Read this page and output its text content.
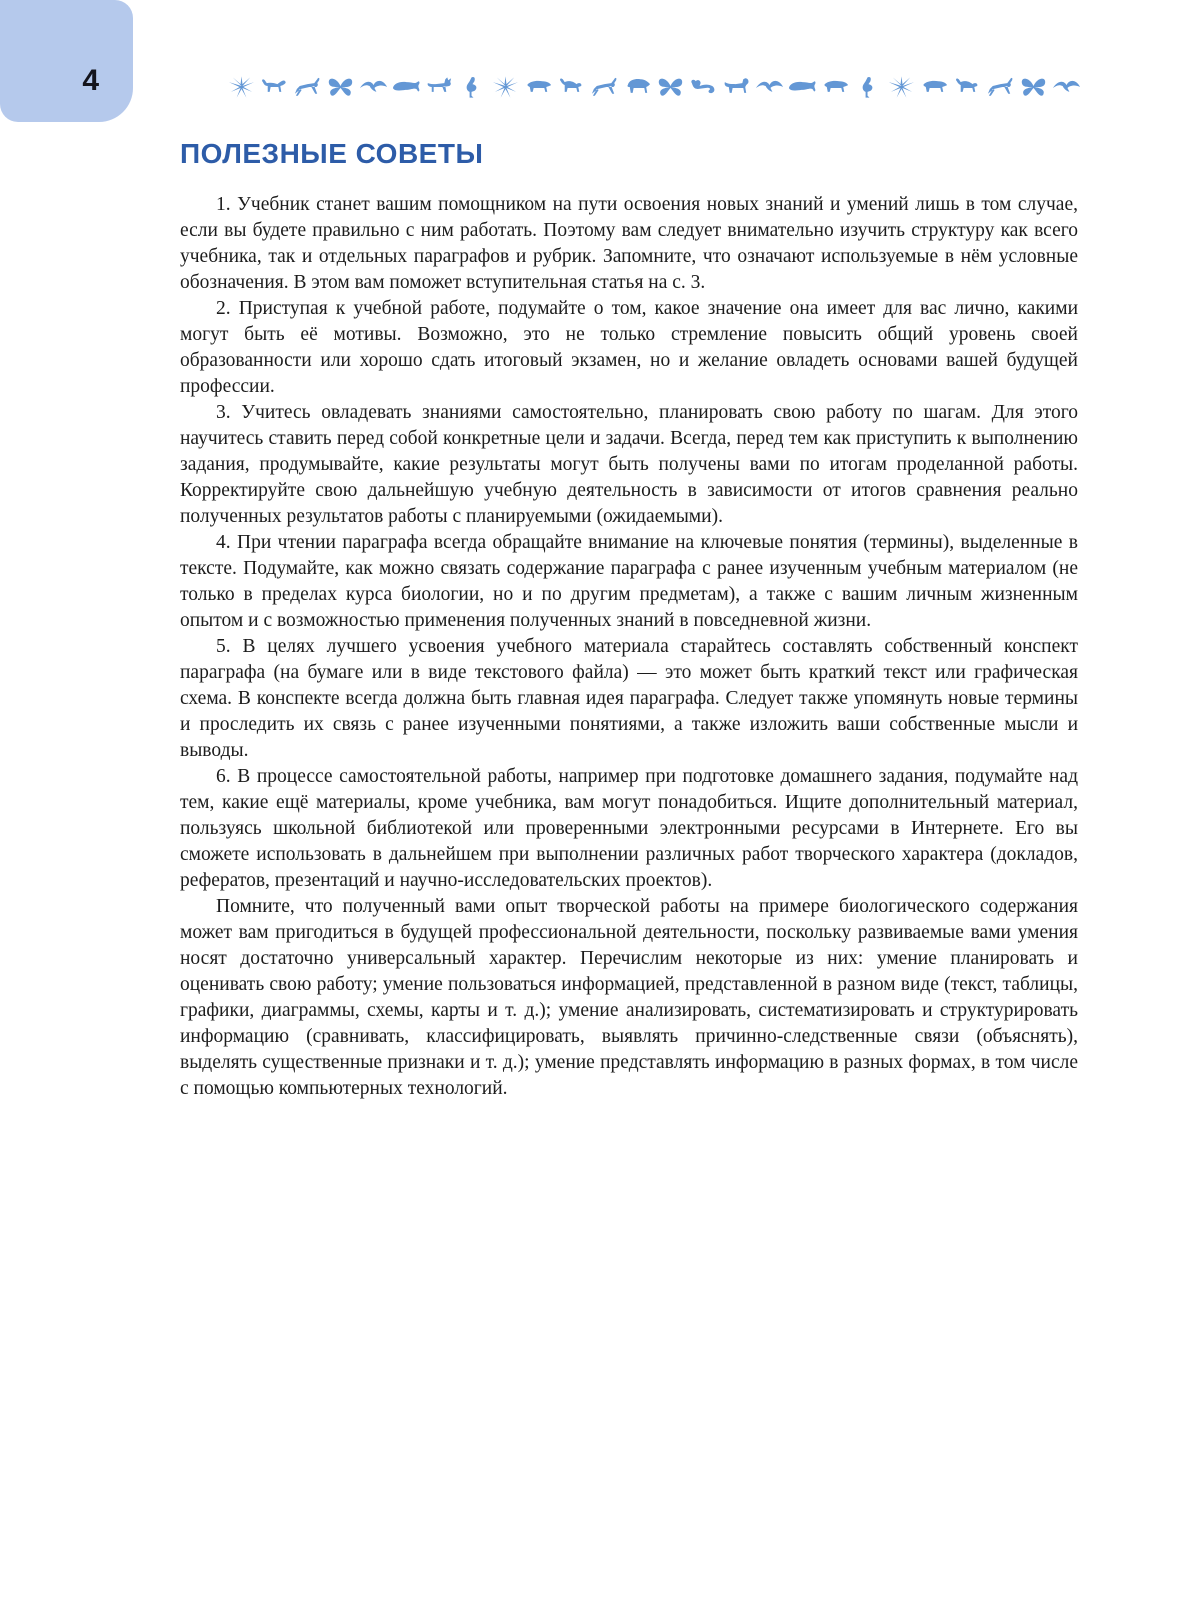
4
ПОЛЕЗНЫЕ СОВЕТЫ

1. Учебник станет вашим помощником на пути освоения новых знаний и умений лишь в том случае, если вы будете правильно с ним работать. Поэтому вам следует внимательно изучить структуру как всего учебника, так и отдельных параграфов и рубрик. Запомните, что означают используемые в нём условные обозначения. В этом вам поможет вступительная статья на с. 3.

2. Приступая к учебной работе, подумайте о том, какое значение она имеет для вас лично, какими могут быть её мотивы. Возможно, это не только стремление повысить общий уровень своей образованности или хорошо сдать итоговый экзамен, но и желание овладеть основами вашей будущей профессии.

3. Учитесь овладевать знаниями самостоятельно, планировать свою работу по шагам. Для этого научитесь ставить перед собой конкретные цели и задачи. Всегда, перед тем как приступить к выполнению задания, продумывайте, какие результаты могут быть получены вами по итогам проделанной работы. Корректируйте свою дальнейшую учебную деятельность в зависимости от итогов сравнения реально полученных результатов работы с планируемыми (ожидаемыми).

4. При чтении параграфа всегда обращайте внимание на ключевые понятия (термины), выделенные в тексте. Подумайте, как можно связать содержание параграфа с ранее изученным учебным материалом (не только в пределах курса биологии, но и по другим предметам), а также с вашим личным жизненным опытом и с возможностью применения полученных знаний в повседневной жизни.

5. В целях лучшего усвоения учебного материала старайтесь составлять собственный конспект параграфа (на бумаге или в виде текстового файла) — это может быть краткий текст или графическая схема. В конспекте всегда должна быть главная идея параграфа. Следует также упомянуть новые термины и проследить их связь с ранее изученными понятиями, а также изложить ваши собственные мысли и выводы.

6. В процессе самостоятельной работы, например при подготовке домашнего задания, подумайте над тем, какие ещё материалы, кроме учебника, вам могут понадобиться. Ищите дополнительный материал, пользуясь школьной библиотекой или проверенными электронными ресурсами в Интернете. Его вы сможете использовать в дальнейшем при выполнении различных работ творческого характера (докладов, рефератов, презентаций и научно-исследовательских проектов).

Помните, что полученный вами опыт творческой работы на примере биологического содержания может вам пригодиться в будущей профессиональной деятельности, поскольку развиваемые вами умения носят достаточно универсальный характер. Перечислим некоторые из них: умение планировать и оценивать свою работу; умение пользоваться информацией, представленной в разном виде (текст, таблицы, графики, диаграммы, схемы, карты и т. д.); умение анализировать, систематизировать и структурировать информацию (сравнивать, классифицировать, выявлять причинно-следственные связи (объяснять), выделять существенные признаки и т. д.); умение представлять информацию в разных формах, в том числе с помощью компьютерных технологий.
